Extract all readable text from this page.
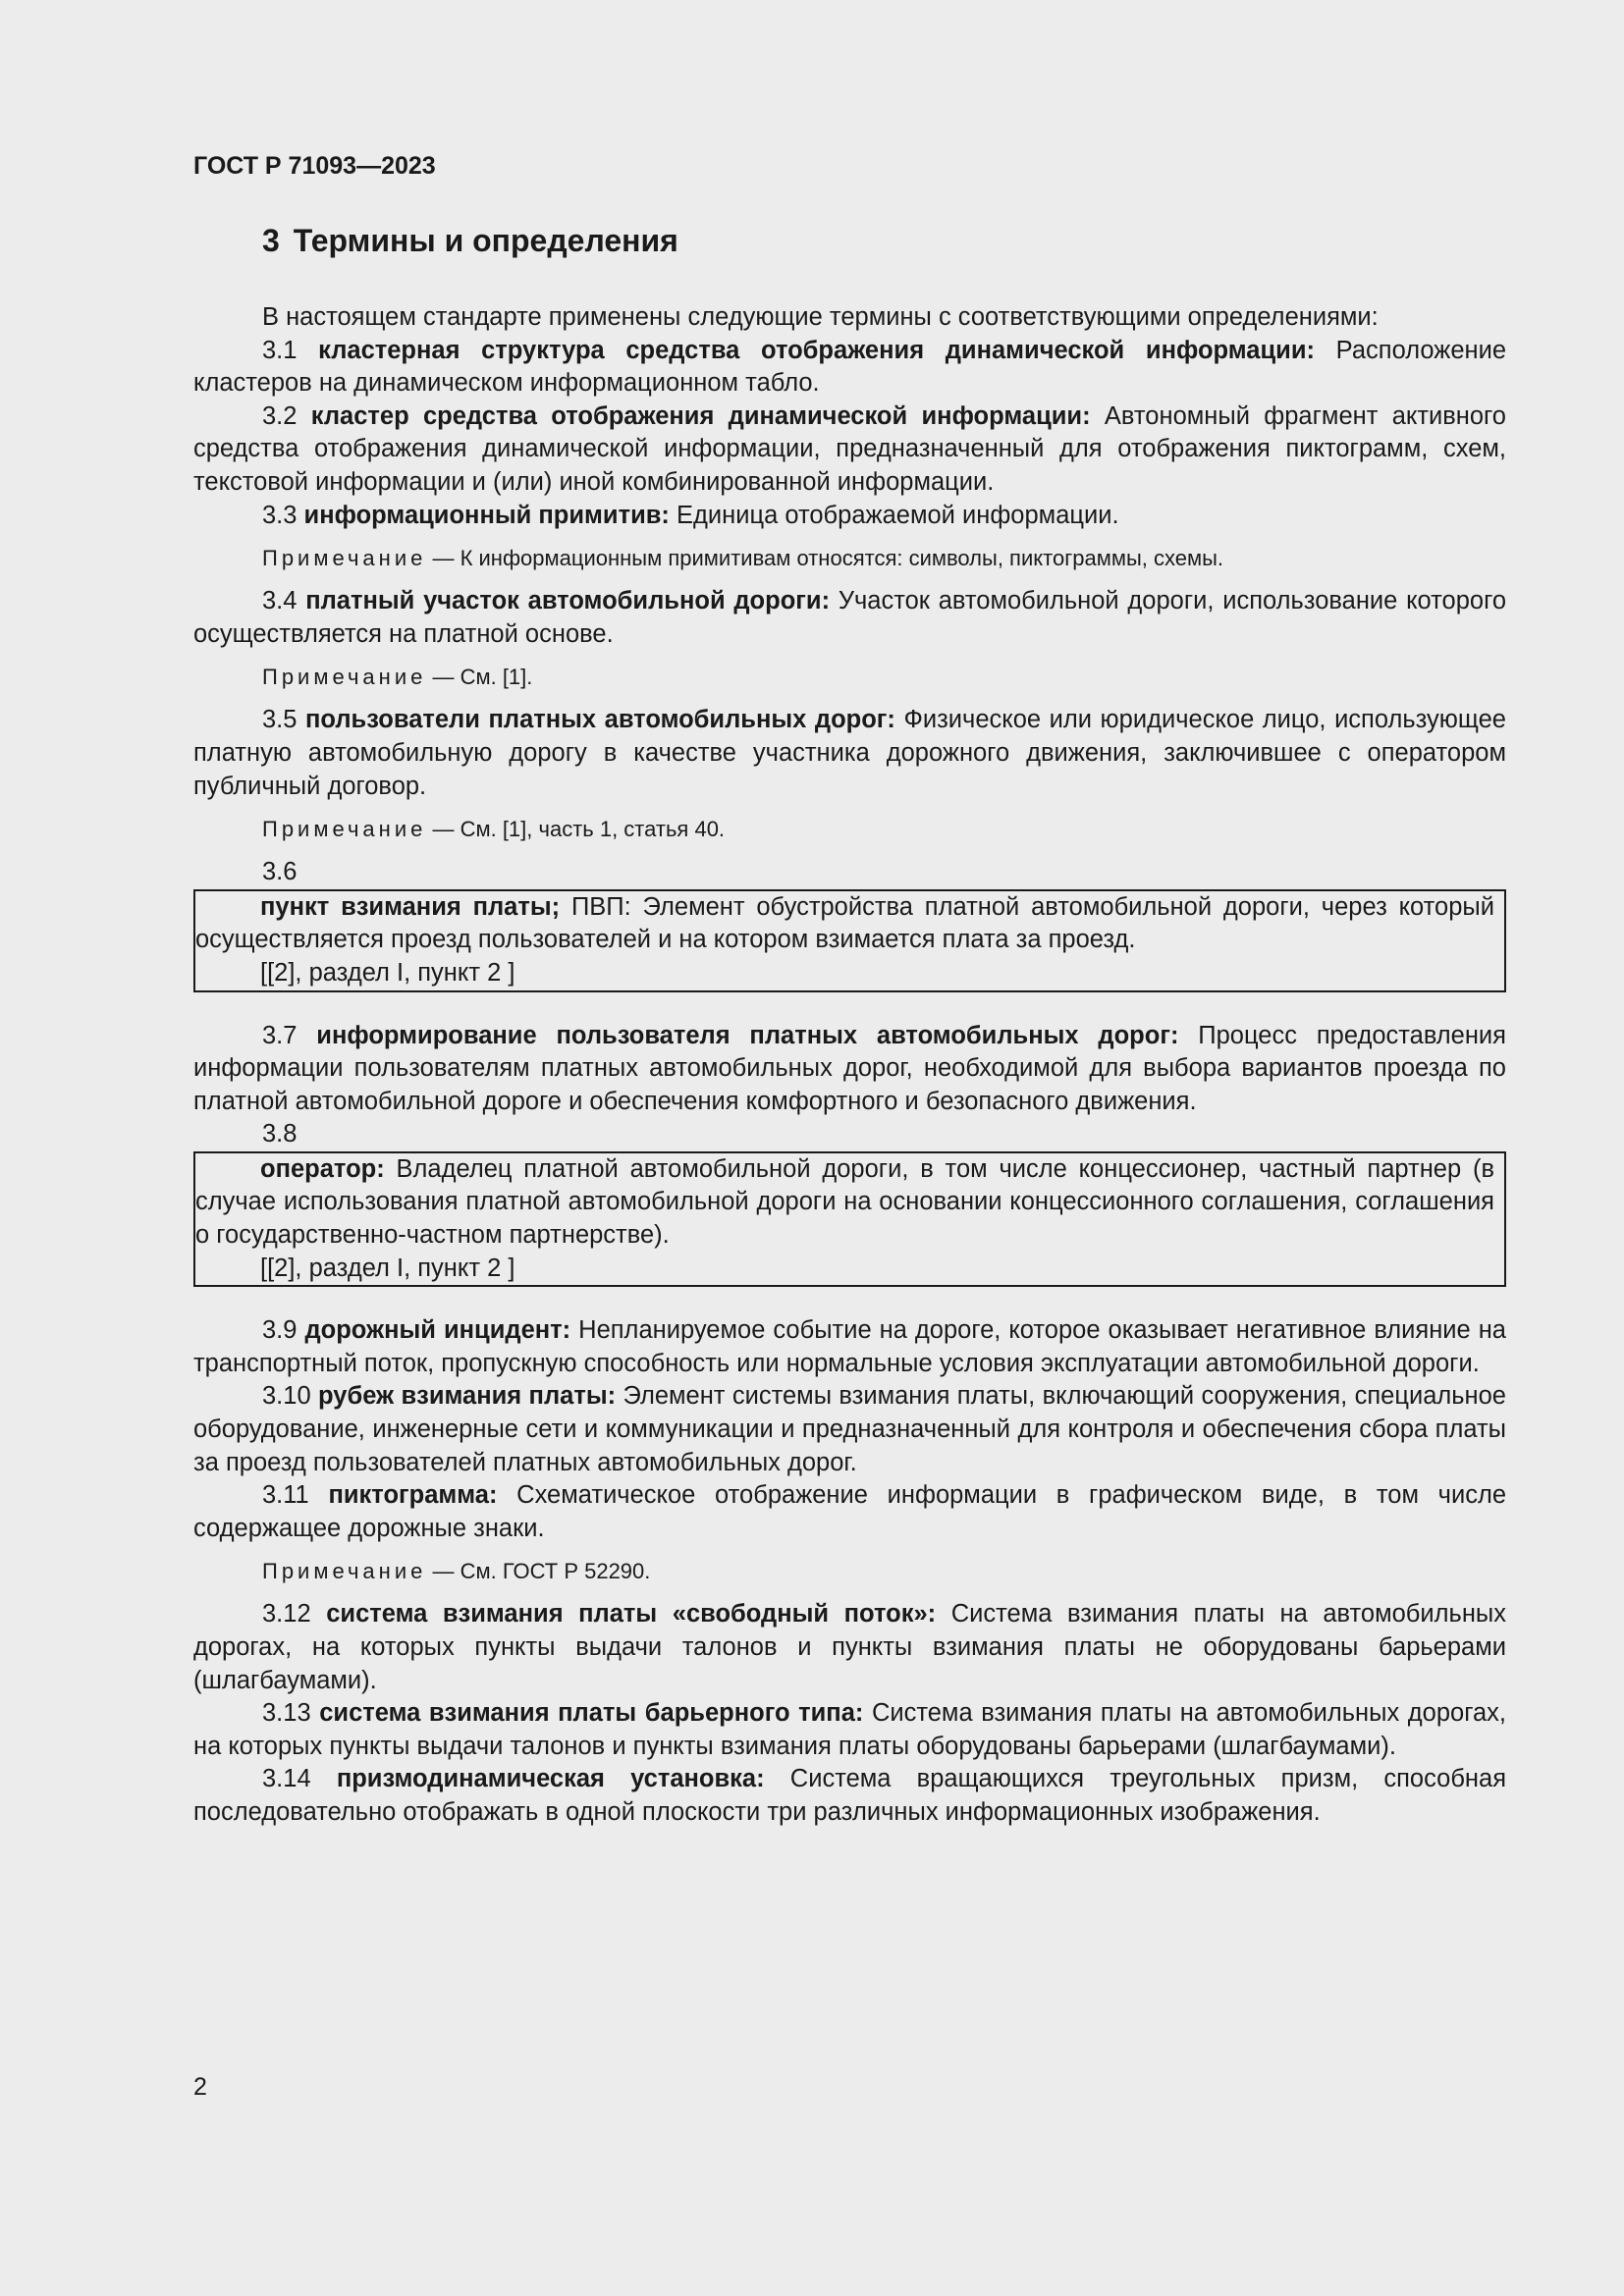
ГОСТ Р 71093—2023
3 Термины и определения

В настоящем стандарте применены следующие термины с соответствующими определениями:

3.1 кластерная структура средства отображения динамической информации: Расположение кластеров на динамическом информационном табло.

3.2 кластер средства отображения динамической информации: Автономный фрагмент активного средства отображения динамической информации, предназначенный для отображения пиктограмм, схем, текстовой информации и (или) иной комбинированной информации.

3.3 информационный примитив: Единица отображаемой информации.

Примечание — К информационным примитивам относятся: символы, пиктограммы, схемы.

3.4 платный участок автомобильной дороги: Участок автомобильной дороги, использование которого осуществляется на платной основе.

Примечание — См. [1].

3.5 пользователи платных автомобильных дорог: Физическое или юридическое лицо, использующее платную автомобильную дорогу в качестве участника дорожного движения, заключившее с оператором публичный договор.

Примечание — См. [1], часть 1, статья 40.
3.6

пункт взимания платы; ПВП: Элемент обустройства платной автомобильной дороги, через который осуществляется проезд пользователей и на котором взимается плата за проезд.

[[2], раздел I, пункт 2 ]

3.7 информирование пользователя платных автомобильных дорог: Процесс предоставления информации пользователям платных автомобильных дорог, необходимой для выбора вариантов проезда по платной автомобильной дороге и обеспечения комфортного и безопасного движения.

3.8

оператор: Владелец платной автомобильной дороги, в том числе концессионер, частный партнер (в случае использования платной автомобильной дороги на основании концессионного соглашения, соглашения о государственно-частном партнерстве).

[[2], раздел I, пункт 2 ]

3.9 дорожный инцидент: Непланируемое событие на дороге, которое оказывает негативное влияние на транспортный поток, пропускную способность или нормальные условия эксплуатации автомобильной дороги.

3.10 рубеж взимания платы: Элемент системы взимания платы, включающий сооружения, специальное оборудование, инженерные сети и коммуникации и предназначенный для контроля и обеспечения сбора платы за проезд пользователей платных автомобильных дорог.

3.11 пиктограмма: Схематическое отображение информации в графическом виде, в том числе содержащее дорожные знаки.

Примечание — См. ГОСТ Р 52290.

3.12 система взимания платы «свободный поток»: Система взимания платы на автомобильных дорогах, на которых пункты выдачи талонов и пункты взимания платы не оборудованы барьерами (шлагбаумами).

3.13 система взимания платы барьерного типа: Система взимания платы на автомобильных дорогах, на которых пункты выдачи талонов и пункты взимания платы оборудованы барьерами (шлагбаумами).

3.14 призмодинамическая установка: Система вращающихся треугольных призм, способная последовательно отображать в одной плоскости три различных информационных изображения.

2
